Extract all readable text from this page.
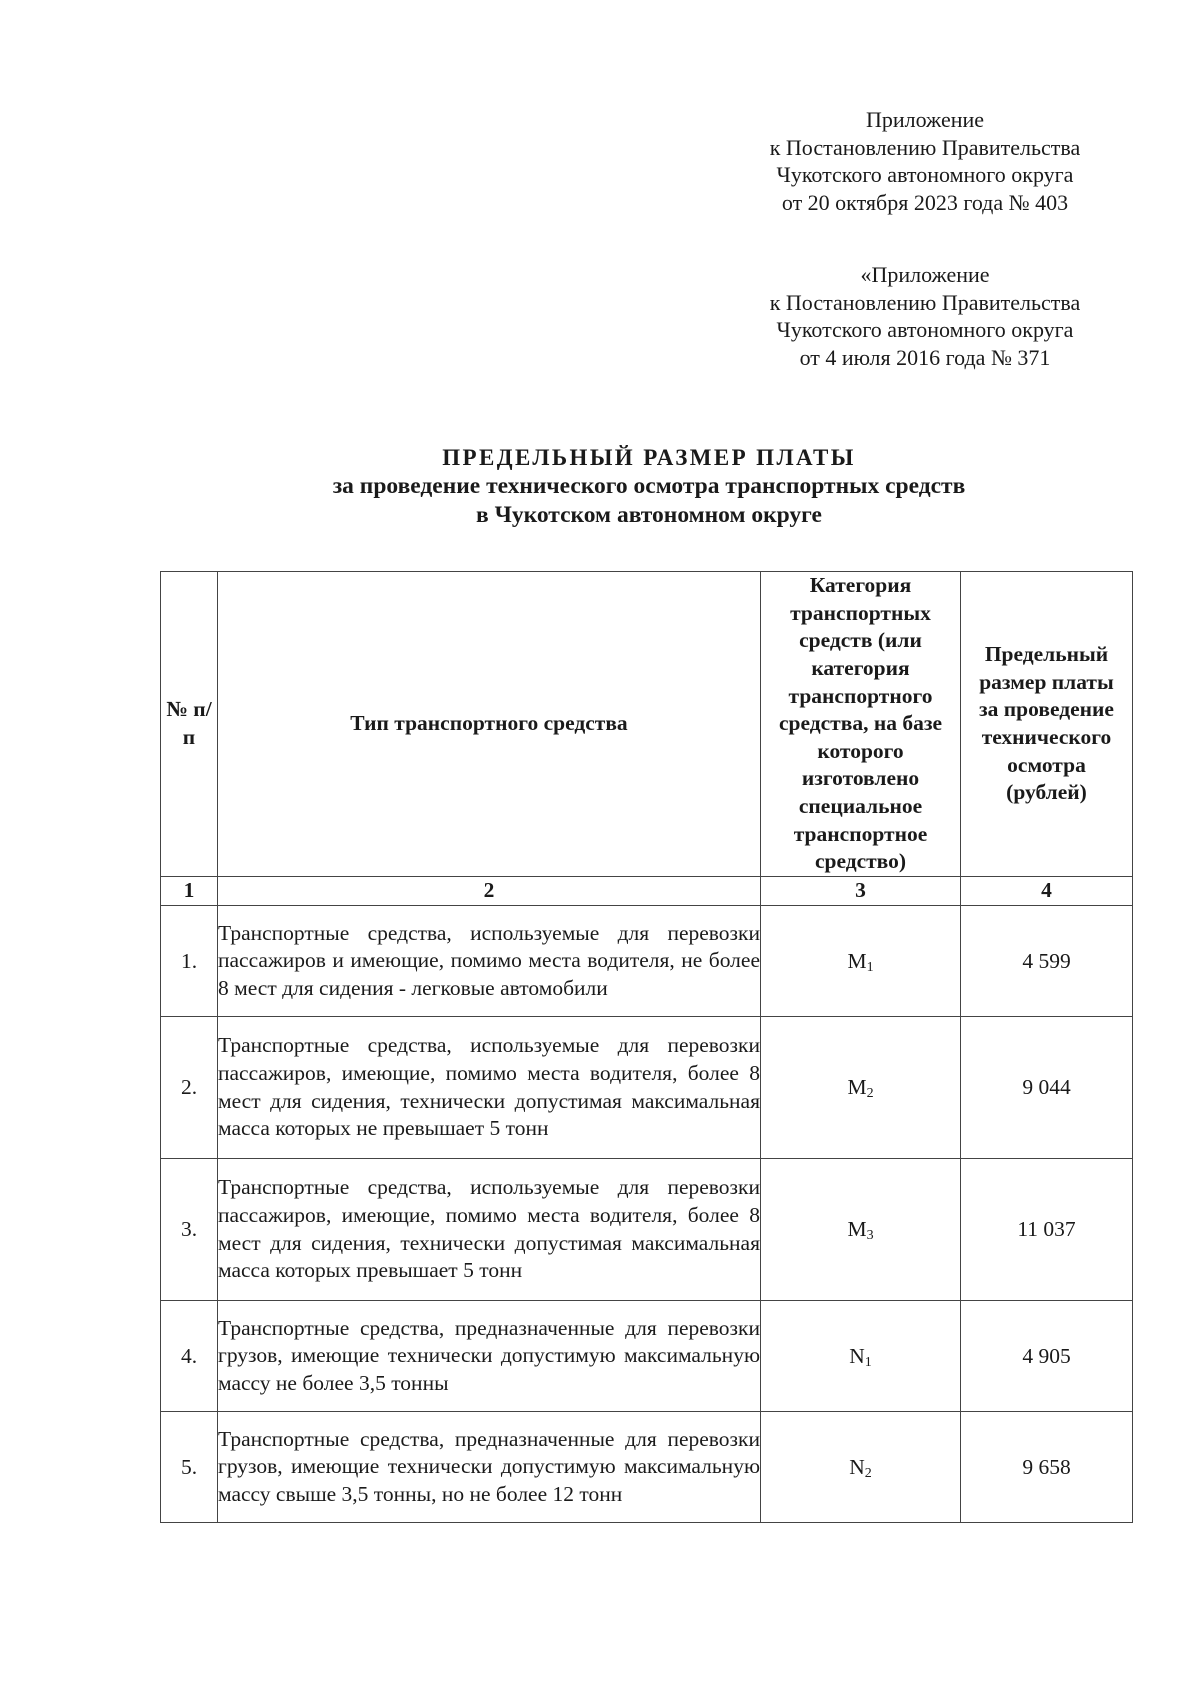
Приложение
к Постановлению Правительства
Чукотского автономного округа
от 20 октября 2023 года № 403
«Приложение
к Постановлению Правительства
Чукотского автономного округа
от 4 июля 2016 года № 371
ПРЕДЕЛЬНЫЙ РАЗМЕР ПЛАТЫ
за проведение технического осмотра транспортных средств
в Чукотском автономном округе
№ п/п	Тип транспортного средства	Категория транспортных средств (или категория транспортного средства, на базе которого изготовлено специальное транспортное средство)	Предельный размер платы за проведение технического осмотра (рублей)
1	2	3	4
1.	Транспортные средства, используемые для перевозки пассажиров и имеющие, помимо места водителя, не более 8 мест для сидения - легковые автомобили	$M_1$	4 599
2.	Транспортные средства, используемые для перевозки пассажиров, имеющие, помимо места водителя, более 8 мест для сидения, технически допустимая максимальная масса которых не превышает 5 тонн	$M_2$	9 044
3.	Транспортные средства, используемые для перевозки пассажиров, имеющие, помимо места водителя, более 8 мест для сидения, технически допустимая максимальная масса которых превышает 5 тонн	$M_3$	11 037
4.	Транспортные средства, предназначенные для перевозки грузов, имеющие технически допустимую максимальную массу не более 3,5 тонны	$N_1$	4 905
5.	Транспортные средства, предназначенные для перевозки грузов, имеющие технически допустимую максимальную массу свыше 3,5 тонны, но не более 12 тонн	$N_2$	9 658
